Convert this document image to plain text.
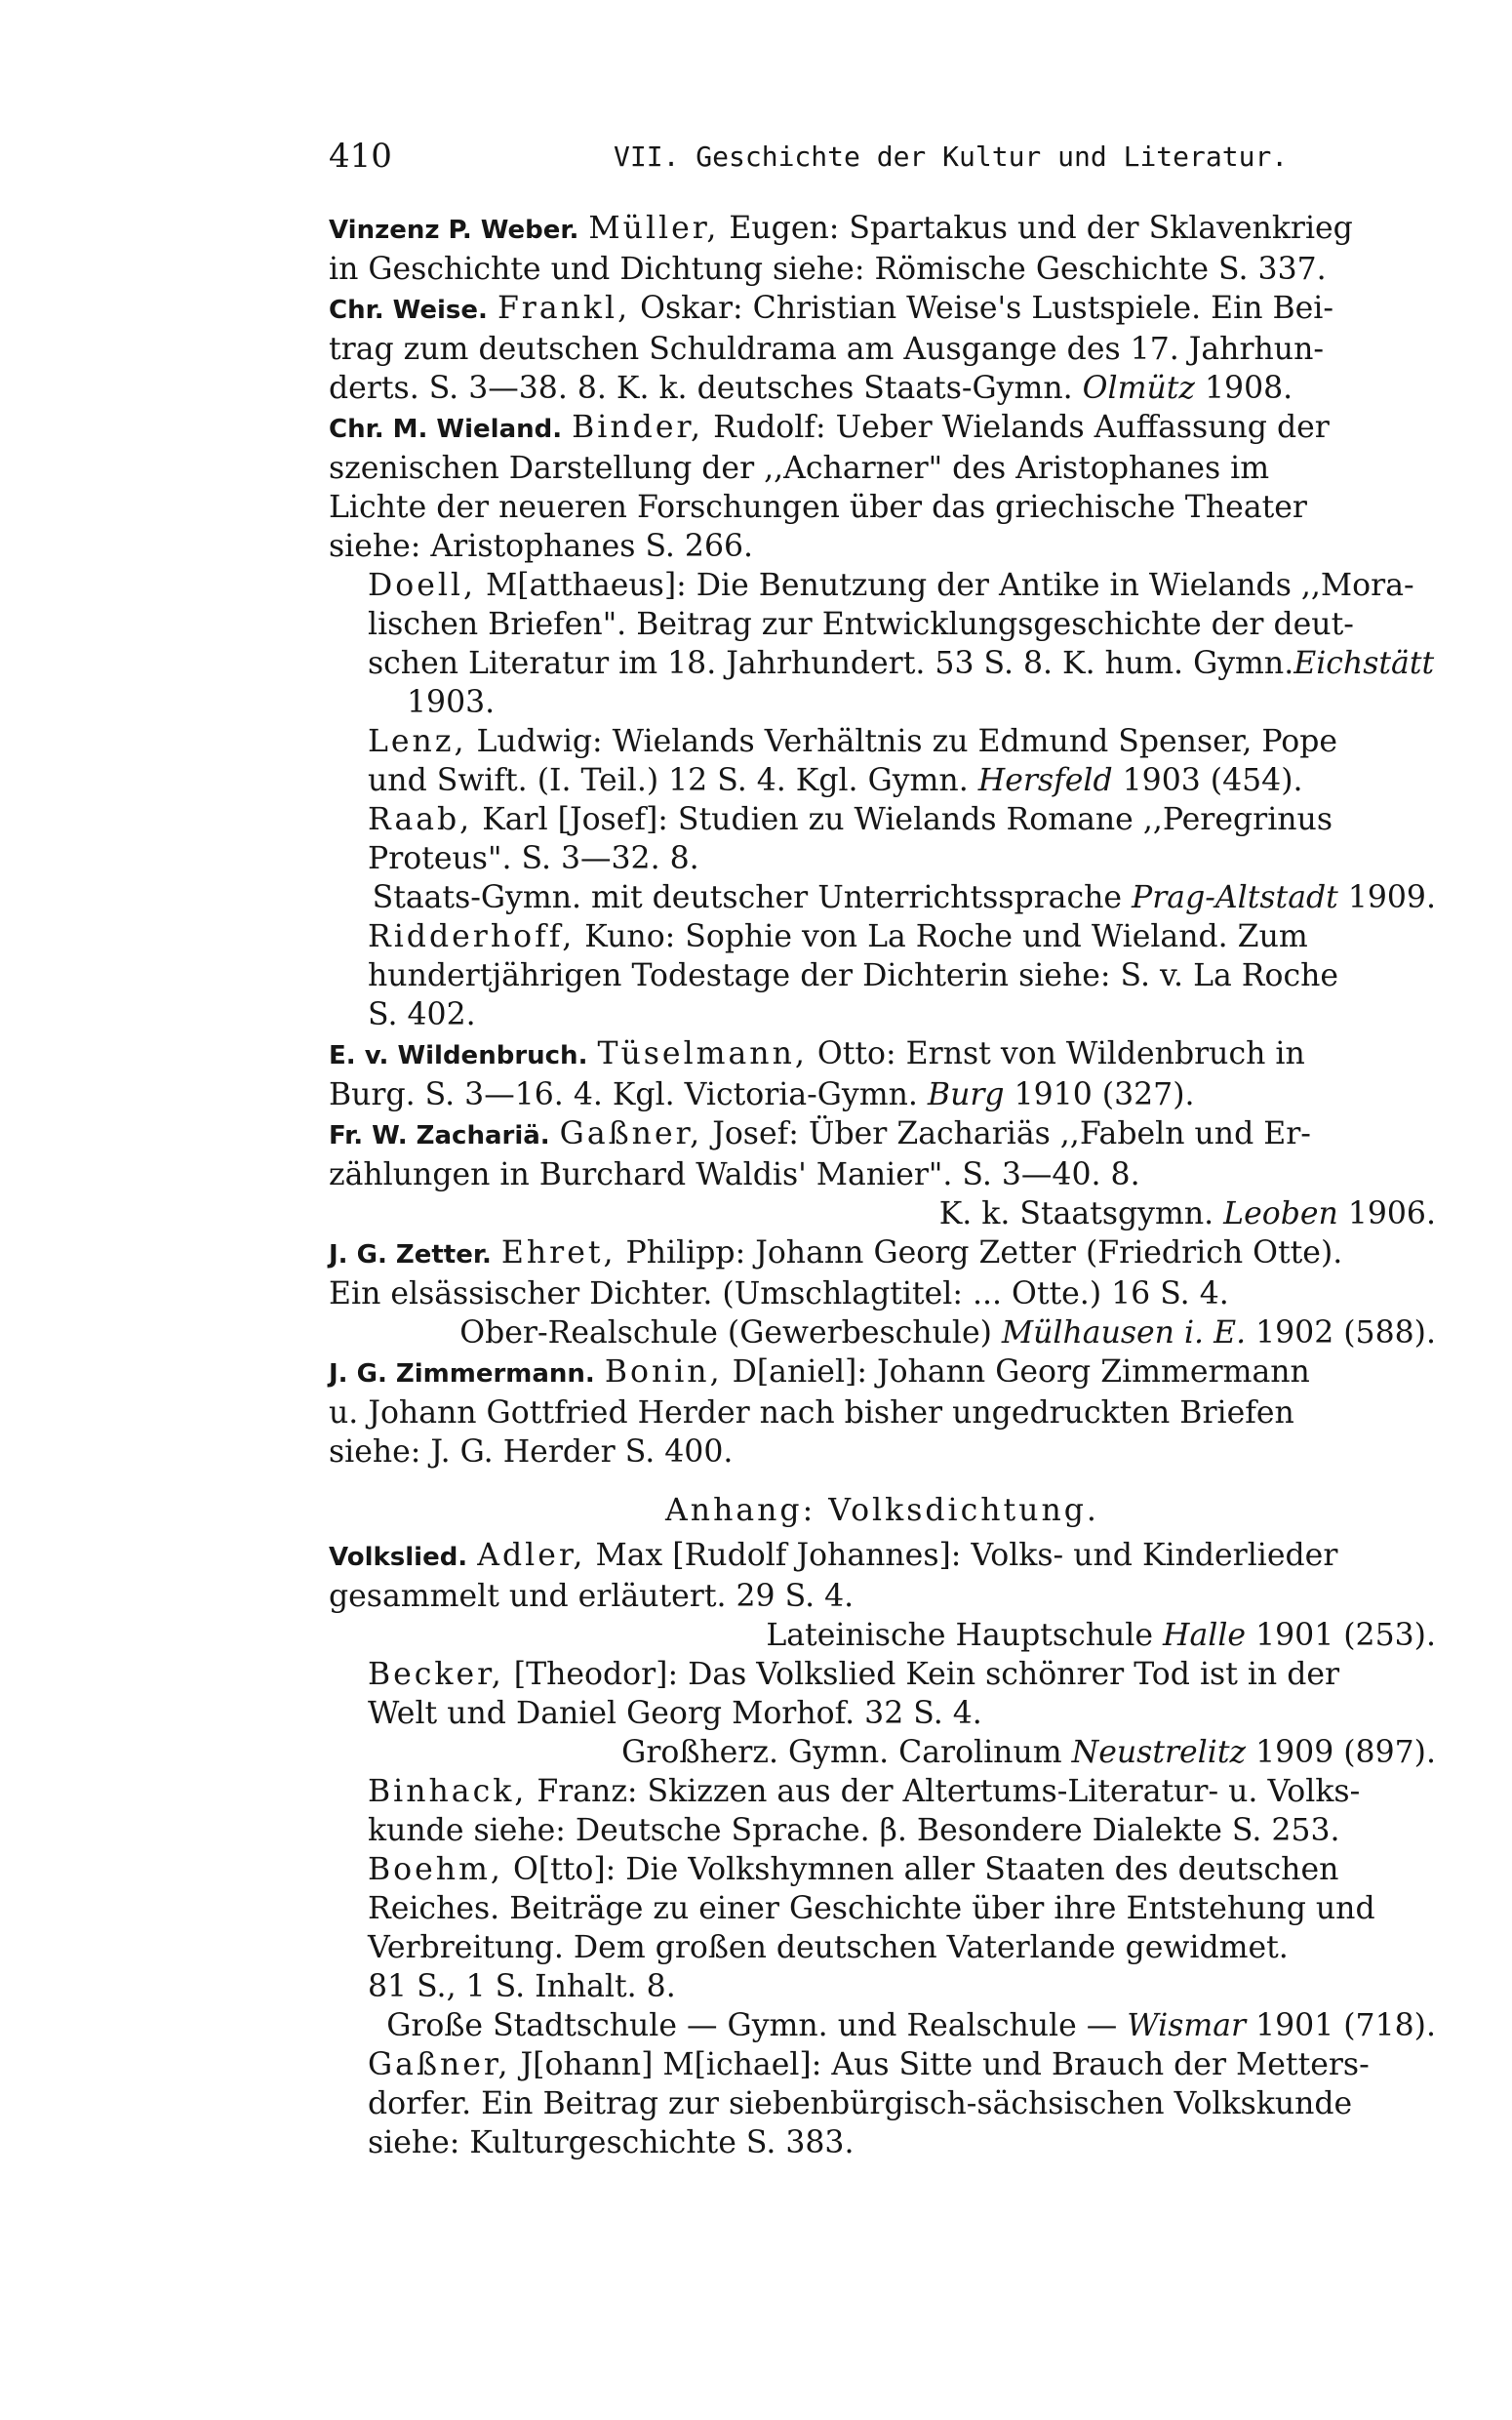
410	VII. Geschichte der Kultur und Literatur.
Vinzenz P. Weber. Müller, Eugen: Spartakus und der Sklavenkrieg
in Geschichte und Dichtung siehe: Römische Geschichte S. 337.
Chr. Weise. Frankl, Oskar: Christian Weise's Lustspiele. Ein Bei-
trag zum deutschen Schuldrama am Ausgange des 17. Jahrhun-
derts. S. 3—38. 8. K. k. deutsches Staats-Gymn. Olmütz 1908.
Chr. M. Wieland. Binder, Rudolf: Ueber Wielands Auffassung der
szenischen Darstellung der ,,Acharner" des Aristophanes im
Lichte der neueren Forschungen über das griechische Theater
siehe: Aristophanes S. 266.
Doell, M[atthaeus]: Die Benutzung der Antike in Wielands ,,Mora-
lischen Briefen". Beitrag zur Entwicklungsgeschichte der deut-
schen Literatur im 18. Jahrhundert. 53 S. 8. K. hum. Gymn.Eichstätt 1903.
Lenz, Ludwig: Wielands Verhältnis zu Edmund Spenser, Pope
und Swift. (I. Teil.) 12 S. 4. Kgl. Gymn. Hersfeld 1903 (454).
Raab, Karl [Josef]: Studien zu Wielands Romane ,,Peregrinus
Proteus". S. 3—32. 8.
Staats-Gymn. mit deutscher Unterrichtssprache Prag-Altstadt 1909.
Ridderhoff, Kuno: Sophie von La Roche und Wieland. Zum
hundertjährigen Todestage der Dichterin siehe: S. v. La Roche
S. 402.
E. v. Wildenbruch. Tüselmann, Otto: Ernst von Wildenbruch in
Burg. S. 3—16. 4. Kgl. Victoria-Gymn. Burg 1910 (327).
Fr. W. Zachariä. Gaßner, Josef: Über Zachariäs ,,Fabeln und Er-
zählungen in Burchard Waldis' Manier". S. 3—40. 8.
K. k. Staatsgymn. Leoben 1906.
J. G. Zetter. Ehret, Philipp: Johann Georg Zetter (Friedrich Otte).
Ein elsässischer Dichter. (Umschlagtitel: ... Otte.) 16 S. 4.
Ober-Realschule (Gewerbeschule) Mülhausen i. E. 1902 (588).
J. G. Zimmermann. Bonin, D[aniel]: Johann Georg Zimmermann
u. Johann Gottfried Herder nach bisher ungedruckten Briefen
siehe: J. G. Herder S. 400.
Anhang: Volksdichtung.
Volkslied. Adler, Max [Rudolf Johannes]: Volks- und Kinderlieder
gesammelt und erläutert. 29 S. 4.
Lateinische Hauptschule Halle 1901 (253).
Becker, [Theodor]: Das Volkslied Kein schönrer Tod ist in der
Welt und Daniel Georg Morhof. 32 S. 4.
Großherz. Gymn. Carolinum Neustrelitz 1909 (897).
Binhack, Franz: Skizzen aus der Altertums-Literatur- u. Volks-
kunde siehe: Deutsche Sprache. β. Besondere Dialekte S. 253.
Boehm, O[tto]: Die Volkshymnen aller Staaten des deutschen
Reiches. Beiträge zu einer Geschichte über ihre Entstehung und
Verbreitung. Dem großen deutschen Vaterlande gewidmet.
81 S., 1 S. Inhalt. 8.
Große Stadtschule — Gymn. und Realschule — Wismar 1901 (718).
Gaßner, J[ohann] M[ichael]: Aus Sitte und Brauch der Metters-
dorfer. Ein Beitrag zur siebenbürgisch-sächsischen Volkskunde
siehe: Kulturgeschichte S. 383.
